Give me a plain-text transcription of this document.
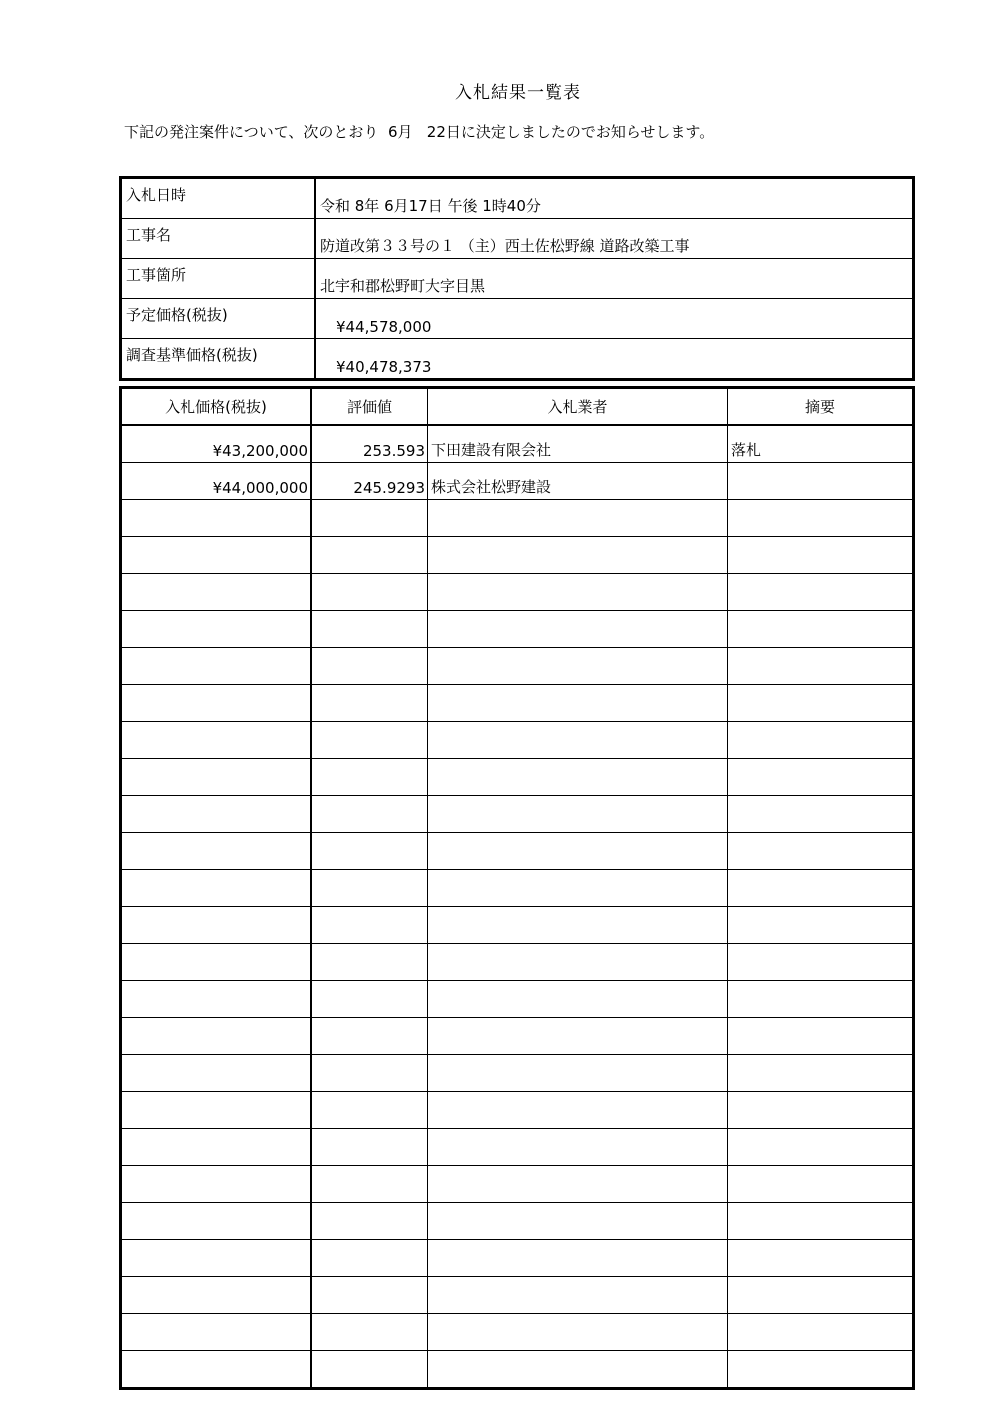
入札結果一覧表
下記の発注案件について、次のとおり  6月   22日に決定しましたのでお知らせします。
入札日時	令和 8年 6月17日 午後 1時40分
工事名	防道改第３３号の１ （主）西土佐松野線 道路改築工事
工事箇所	北宇和郡松野町大字目黒
予定価格(税抜)	¥44,578,000
調査基準価格(税抜)	¥40,478,373
入札価格(税抜)	評価値	入札業者	摘要
¥43,200,000	253.593	下田建設有限会社	落札
¥44,000,000	245.9293	株式会社松野建設	
